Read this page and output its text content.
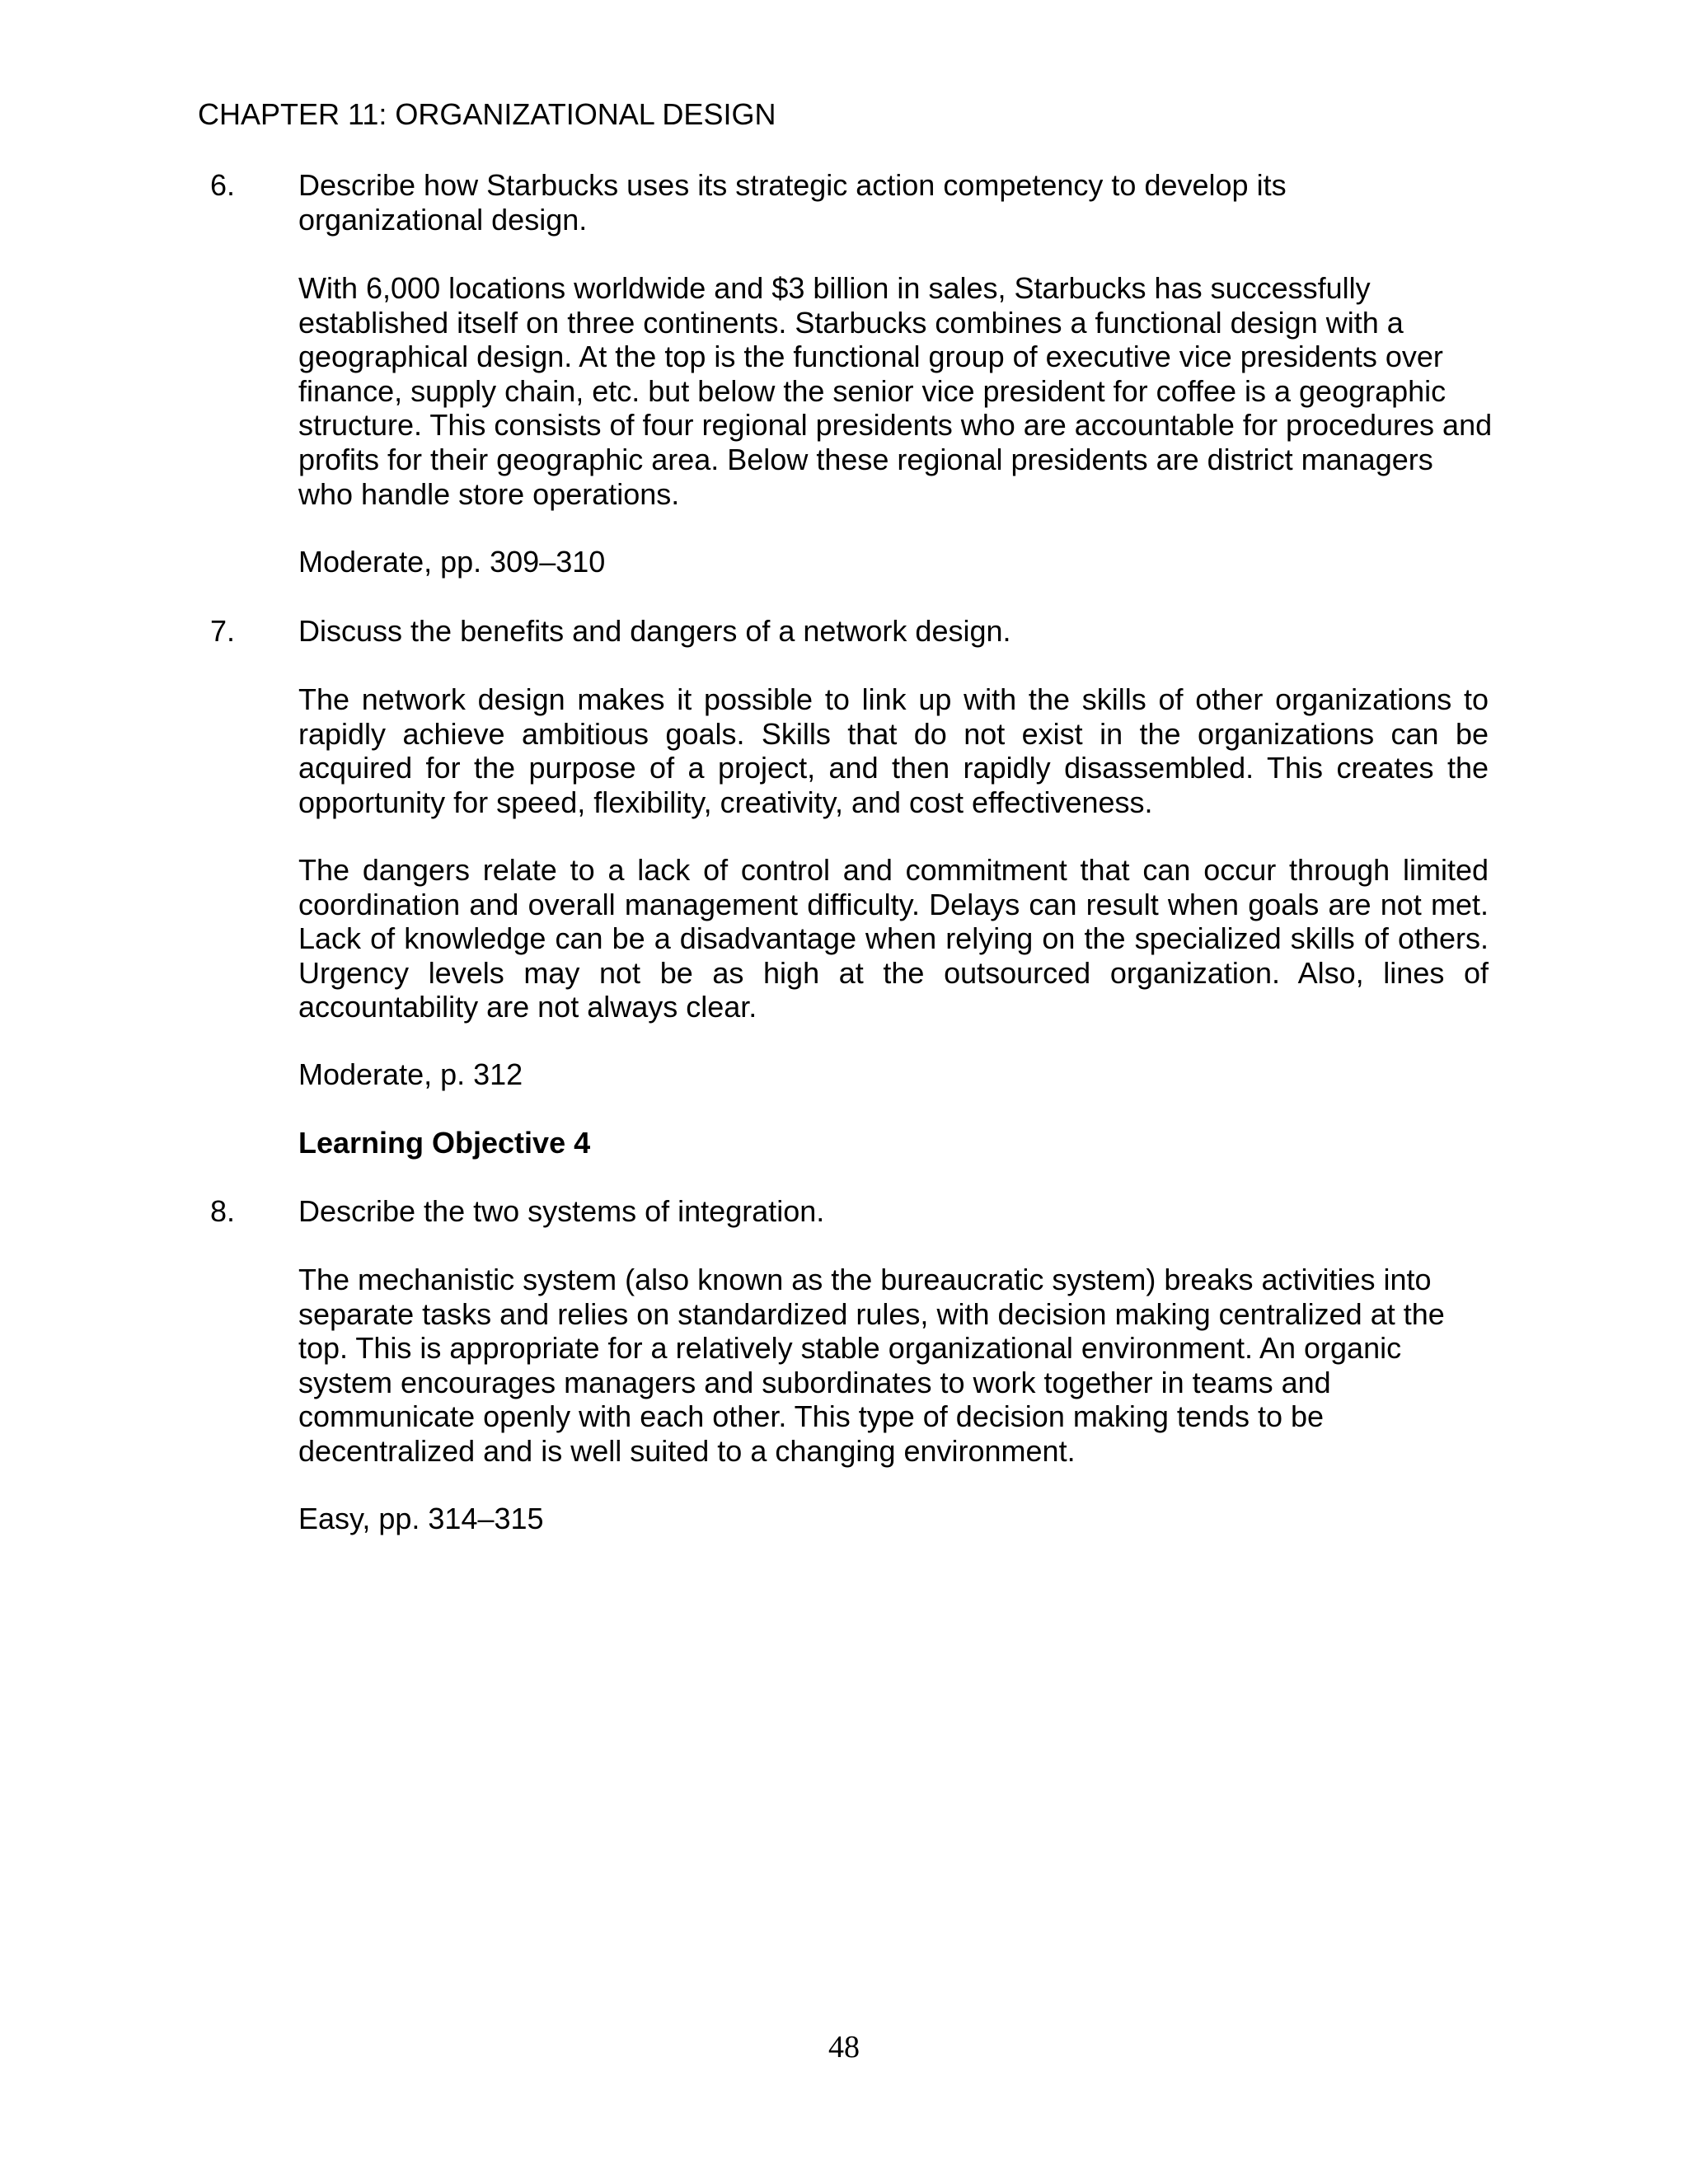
CHAPTER 11: ORGANIZATIONAL DESIGN
6. Describe how Starbucks uses its strategic action competency to develop its organizational design.

With 6,000 locations worldwide and $3 billion in sales, Starbucks has successfully established itself on three continents. Starbucks combines a functional design with a geographical design. At the top is the functional group of executive vice presidents over finance, supply chain, etc. but below the senior vice president for coffee is a geographic structure. This consists of four regional presidents who are accountable for procedures and profits for their geographic area. Below these regional presidents are district managers who handle store operations.

Moderate, pp. 309–310

7. Discuss the benefits and dangers of a network design.

The network design makes it possible to link up with the skills of other organizations to rapidly achieve ambitious goals. Skills that do not exist in the organizations can be acquired for the purpose of a project, and then rapidly disassembled. This creates the opportunity for speed, flexibility, creativity, and cost effectiveness.

The dangers relate to a lack of control and commitment that can occur through limited coordination and overall management difficulty. Delays can result when goals are not met. Lack of knowledge can be a disadvantage when relying on the specialized skills of others. Urgency levels may not be as high at the outsourced organization. Also, lines of accountability are not always clear.

Moderate, p. 312

Learning Objective 4

8. Describe the two systems of integration.

The mechanistic system (also known as the bureaucratic system) breaks activities into separate tasks and relies on standardized rules, with decision making centralized at the top. This is appropriate for a relatively stable organizational environment. An organic system encourages managers and subordinates to work together in teams and communicate openly with each other. This type of decision making tends to be decentralized and is well suited to a changing environment.

Easy, pp. 314–315

48
